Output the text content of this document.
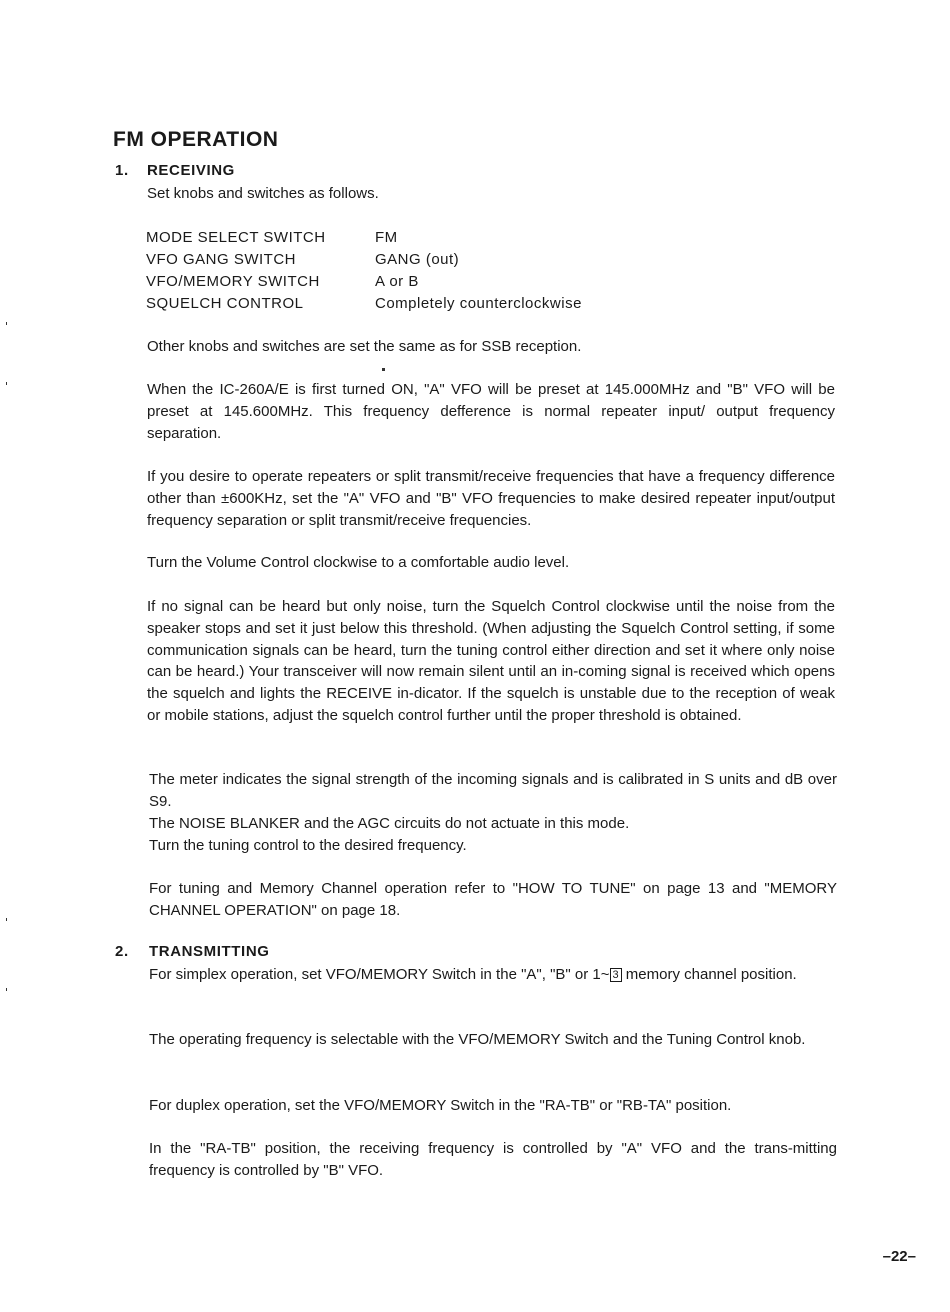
FM OPERATION
1. RECEIVING

Set knobs and switches as follows.

MODE SELECT SWITCH	FM
VFO GANG SWITCH	GANG (out)
VFO/MEMORY SWITCH	A or B
SQUELCH CONTROL	Completely counterclockwise

Other knobs and switches are set the same as for SSB reception.

When the IC-260A/E is first turned ON, "A" VFO will be preset at 145.000MHz and "B" VFO will be preset at 145.600MHz. This frequency defference is normal repeater input/ output frequency separation.

If you desire to operate repeaters or split transmit/receive frequencies that have a frequency difference other than ±600KHz, set the "A" VFO and "B" VFO frequencies to make desired repeater input/output frequency separation or split transmit/receive frequencies.

Turn the Volume Control clockwise to a comfortable audio level.

If no signal can be heard but only noise, turn the Squelch Control clockwise until the noise from the speaker stops and set it just below this threshold. (When adjusting the Squelch Control setting, if some communication signals can be heard, turn the tuning control either direction and set it where only noise can be heard.) Your transceiver will now remain silent until an in-coming signal is received which opens the squelch and lights the RECEIVE in-dicator. If the squelch is unstable due to the reception of weak or mobile stations, adjust the squelch control further until the proper threshold is obtained.

The meter indicates the signal strength of the incoming signals and is calibrated in S units and dB over S9.

The NOISE BLANKER and the AGC circuits do not actuate in this mode.

Turn the tuning control to the desired frequency.

For tuning and Memory Channel operation refer to "HOW TO TUNE" on page 13 and "MEMORY CHANNEL OPERATION" on page 18.

2. TRANSMITTING

For simplex operation, set VFO/MEMORY Switch in the "A", "B" or 1~ 3 memory channel position.

The operating frequency is selectable with the VFO/MEMORY Switch and the Tuning Control knob.

For duplex operation, set the VFO/MEMORY Switch in the "RA-TB" or "RB-TA" position.

In the "RA-TB" position, the receiving frequency is controlled by "A" VFO and the trans-mitting frequency is controlled by "B" VFO.

–22–
